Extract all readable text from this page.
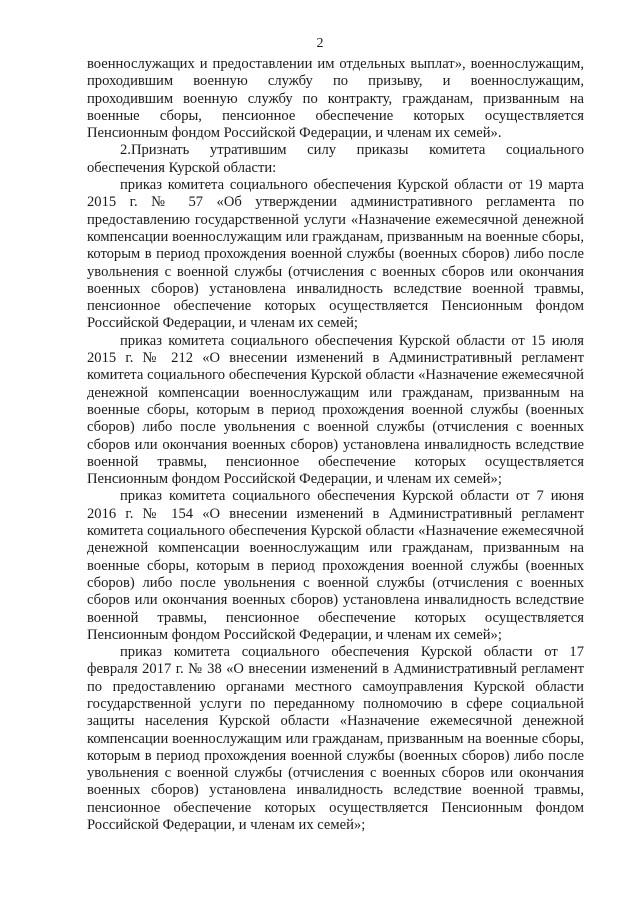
2
военнослужащих и предоставлении им отдельных выплат», военнослужащим,
проходившим военную службу по призыву, и военнослужащим,
проходившим военную службу по контракту, гражданам, призванным на
военные сборы, пенсионное обеспечение которых осуществляется
Пенсионным фондом Российской Федерации, и членам их семей».
2.Признать утратившим силу приказы комитета социального
обеспечения Курской области:
приказ комитета социального обеспечения Курской области от 19 марта
2015 г. № 57 «Об утверждении административного регламента по
предоставлению государственной услуги «Назначение ежемесячной денежной
компенсации военнослужащим или гражданам, призванным на военные сборы,
которым в период прохождения военной службы (военных сборов) либо после
увольнения с военной службы (отчисления с военных сборов или окончания
военных сборов) установлена инвалидность вследствие военной травмы,
пенсионное обеспечение которых осуществляется Пенсионным фондом
Российской Федерации, и членам их семей;
приказ комитета социального обеспечения Курской области от 15 июля
2015 г. № 212 «О внесении изменений в Административный регламент
комитета социального обеспечения Курской области «Назначение ежемесячной
денежной компенсации военнослужащим или гражданам, призванным на
военные сборы, которым в период прохождения военной службы (военных
сборов) либо после увольнения с военной службы (отчисления с военных
сборов или окончания военных сборов) установлена инвалидность вследствие
военной травмы, пенсионное обеспечение которых осуществляется
Пенсионным фондом Российской Федерации, и членам их семей»;
приказ комитета социального обеспечения Курской области от 7 июня
2016 г. № 154 «О внесении изменений в Административный регламент
комитета социального обеспечения Курской области «Назначение ежемесячной
денежной компенсации военнослужащим или гражданам, призванным на
военные сборы, которым в период прохождения военной службы (военных
сборов) либо после увольнения с военной службы (отчисления с военных
сборов или окончания военных сборов) установлена инвалидность вследствие
военной травмы, пенсионное обеспечение которых осуществляется
Пенсионным фондом Российской Федерации, и членам их семей»;
приказ комитета социального обеспечения Курской области от 17
февраля 2017 г. № 38 «О внесении изменений в Административный регламент
по предоставлению органами местного самоуправления Курской области
государственной услуги по переданному полномочию в сфере социальной
защиты населения Курской области «Назначение ежемесячной денежной
компенсации военнослужащим или гражданам, призванным на военные сборы,
которым в период прохождения военной службы (военных сборов) либо после
увольнения с военной службы (отчисления с военных сборов или окончания
военных сборов) установлена инвалидность вследствие военной травмы,
пенсионное обеспечение которых осуществляется Пенсионным фондом
Российской Федерации, и членам их семей»;
